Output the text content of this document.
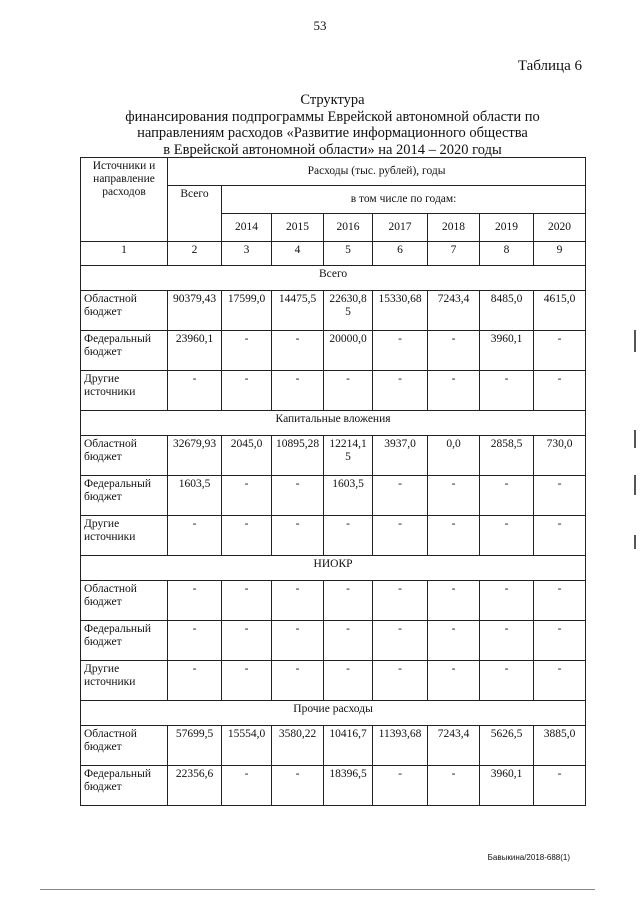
53
Таблица 6
Структура
финансирования подпрограммы Еврейской автономной области по
направлениям расходов «Развитие информационного общества
в Еврейской автономной области» на 2014 – 2020 годы
Источники и направление расходов	Расходы (тыс. рублей), годы							
	Всего	в том числе по годам:						
		2014	2015	2016	2017	2018	2019	2020
1	2	3	4	5	6	7	8	9
Всего								
Областной бюджет	90379,43	17599,0	14475,5	22630,85	15330,68	7243,4	8485,0	4615,0
Федеральный бюджет	23960,1	-	-	20000,0	-	-	3960,1	-
Другие источники	-	-	-	-	-	-	-	-
Капитальные вложения								
Областной бюджет	32679,93	2045,0	10895,28	12214,15	3937,0	0,0	2858,5	730,0
Федеральный бюджет	1603,5	-	-	1603,5	-	-	-	-
Другие источники	-	-	-	-	-	-	-	-
НИОКР								
Областной бюджет	-	-	-	-	-	-	-	-
Федеральный бюджет	-	-	-	-	-	-	-	-
Другие источники	-	-	-	-	-	-	-	-
Прочие расходы								
Областной бюджет	57699,5	15554,0	3580,22	10416,7	11393,68	7243,4	5626,5	3885,0
Федеральный бюджет	22356,6	-	-	18396,5	-	-	3960,1	-
Бавыкина/2018-688(1)
